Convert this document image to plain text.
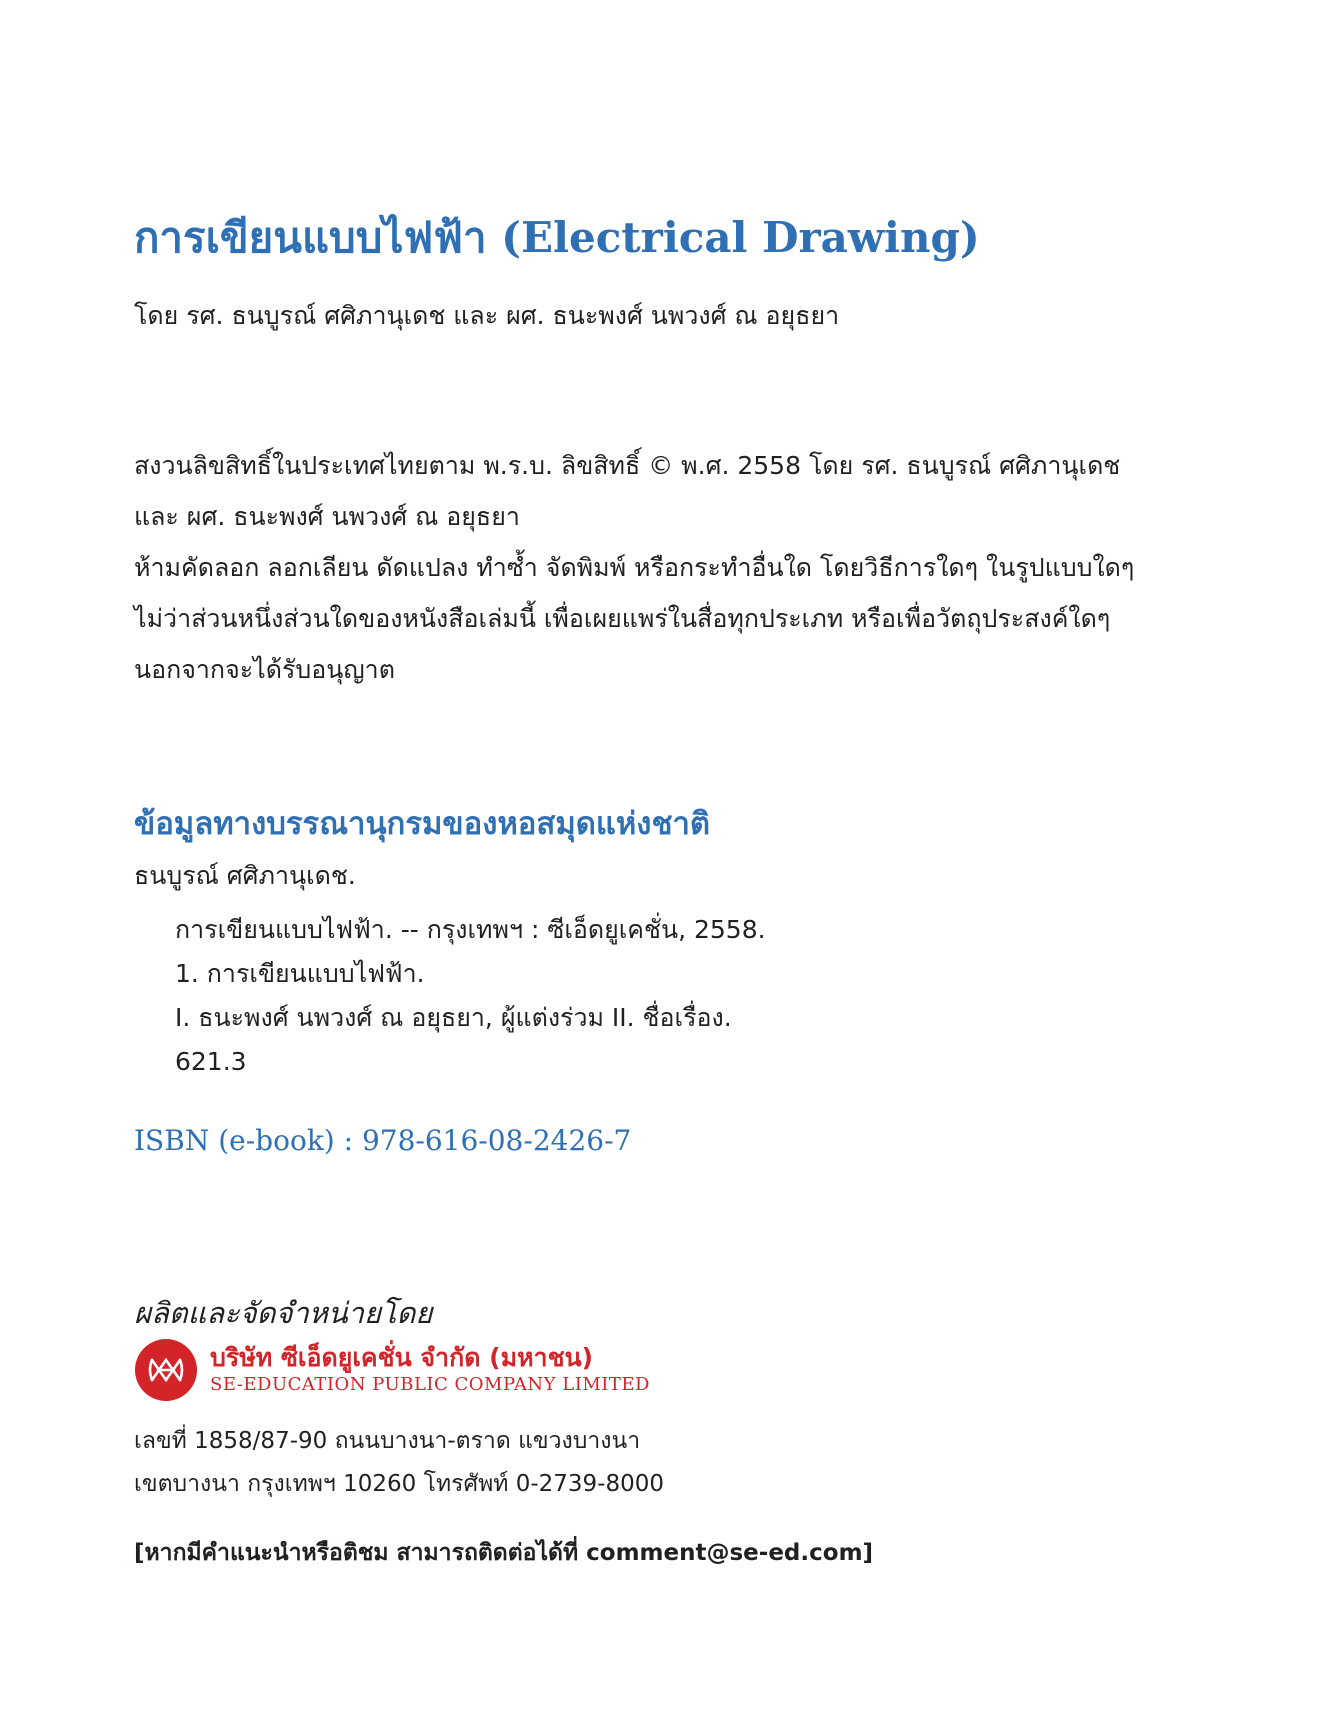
การเขียนแบบไฟฟ้า (Electrical Drawing)
โดย รศ. ธนบูรณ์ ศศิภานุเดช และ ผศ. ธนะพงศ์ นพวงศ์ ณ อยุธยา
สงวนลิขสิทธิ์ในประเทศไทยตาม พ.ร.บ. ลิขสิทธิ์ © พ.ศ. 2558 โดย รศ. ธนบูรณ์ ศศิภานุเดช
และ ผศ. ธนะพงศ์ นพวงศ์ ณ อยุธยา
ห้ามคัดลอก ลอกเลียน ดัดแปลง ทำซ้ำ จัดพิมพ์ หรือกระทำอื่นใด โดยวิธีการใดๆ ในรูปแบบใดๆ
ไม่ว่าส่วนหนึ่งส่วนใดของหนังสือเล่มนี้ เพื่อเผยแพร่ในสื่อทุกประเภท หรือเพื่อวัตถุประสงค์ใดๆ
นอกจากจะได้รับอนุญาต
ข้อมูลทางบรรณานุกรมของหอสมุดแห่งชาติ
ธนบูรณ์ ศศิภานุเดช.
การเขียนแบบไฟฟ้า. -- กรุงเทพฯ : ซีเอ็ดยูเคชั่น, 2558.
1. การเขียนแบบไฟฟ้า.
I. ธนะพงศ์ นพวงศ์ ณ อยุธยา, ผู้แต่งร่วม II. ชื่อเรื่อง.
621.3
ISBN (e-book) : 978-616-08-2426-7
ผลิตและจัดจำหน่ายโดย
บริษัท ซีเอ็ดยูเคชั่น จำกัด (มหาชน)
SE-EDUCATION PUBLIC COMPANY LIMITED
เลขที่ 1858/87-90 ถนนบางนา-ตราด แขวงบางนา
เขตบางนา กรุงเทพฯ 10260 โทรศัพท์ 0-2739-8000
[หากมีคำแนะนำหรือติชม สามารถติดต่อได้ที่ comment@se-ed.com]
